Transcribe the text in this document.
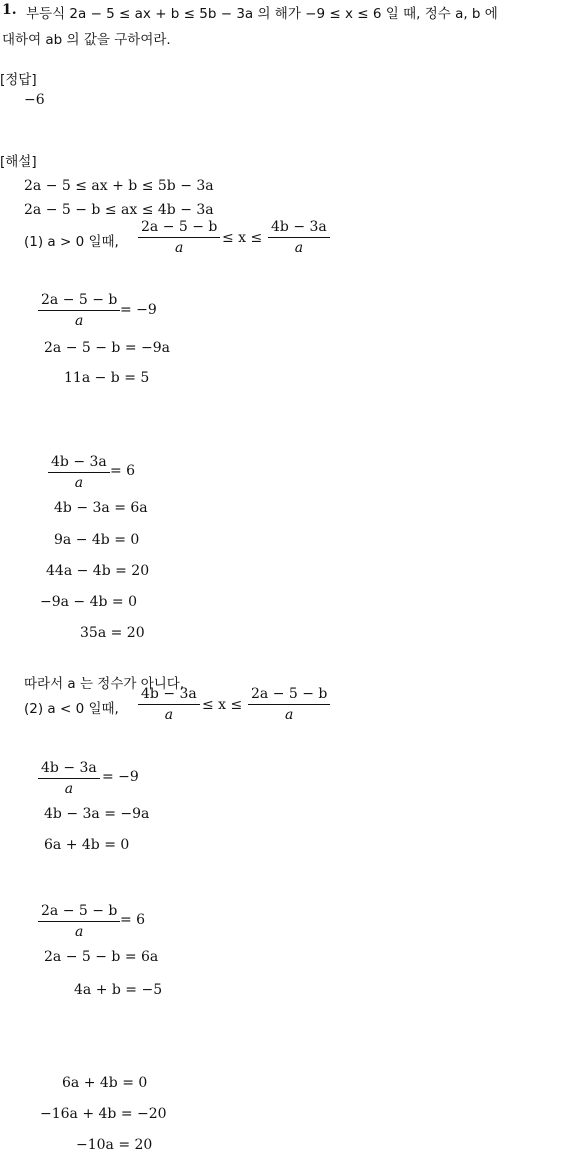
1. 부등식 2a − 5 ≤ ax + b ≤ 5b − 3a 의 해가 −9 ≤ x ≤ 6 일 때, 정수 a, b 에
대하여 ab 의 값을 구하여라.
[정답]
−6
[해설]
2a − 5 ≤ ax + b ≤ 5b − 3a
2a − 5 − b ≤ ax ≤ 4b − 3a
(1) a > 0 일때, $\frac{2a - 5 - b}{a} \le x \le \frac{4b - 3a}{a}$
$\frac{2a - 5 - b}{a} = -9$
2a − 5 − b = −9a
11a − b = 5
$\frac{4b - 3a}{a} = 6$
4b − 3a = 6a
9a − 4b = 0
44a − 4b = 20
−9a − 4b = 0
35a = 20
따라서 a 는 정수가 아니다.
(2) a < 0 일때, $\frac{4b - 3a}{a} \le x \le \frac{2a - 5 - b}{a}$
$\frac{4b - 3a}{a} = -9$
4b − 3a = −9a
6a + 4b = 0
$\frac{2a - 5 - b}{a} = 6$
2a − 5 − b = 6a
4a + b = −5
6a + 4b = 0
−16a + 4b = −20
−10a = 20
